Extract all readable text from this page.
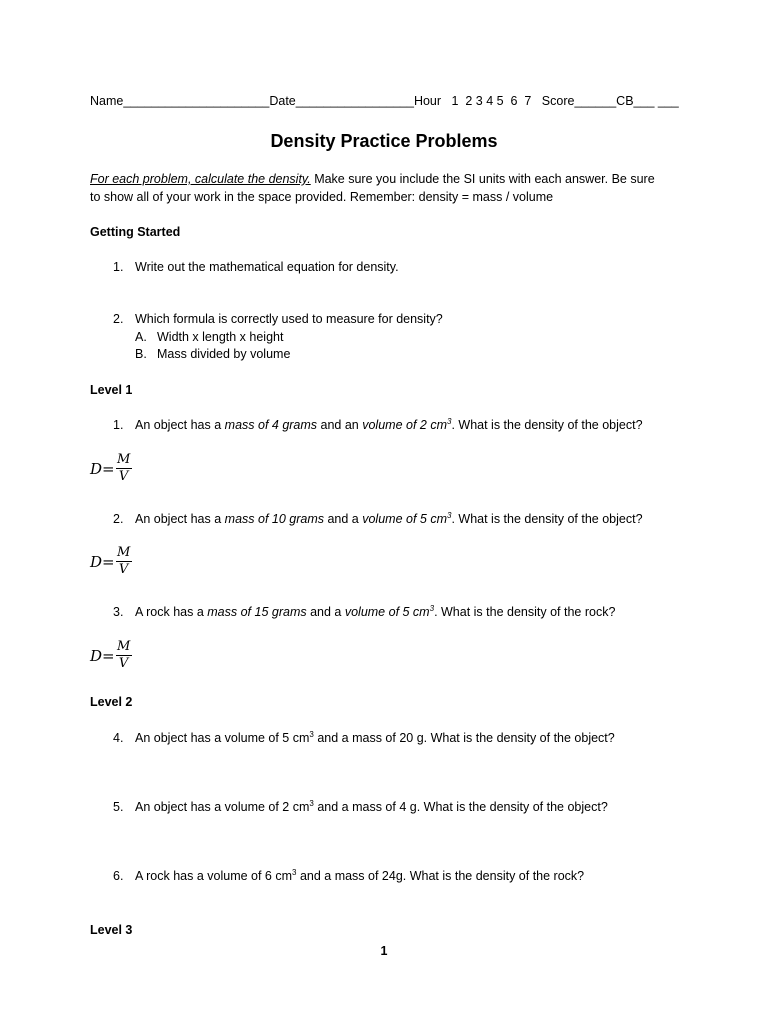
Name_____________________Date_________________Hour 1  2 3 4 5  6  7 Score______CB___ ___
Density Practice Problems
For each problem, calculate the density. Make sure you include the SI units with each answer. Be sure
to show all of your work in the space provided. Remember: density = mass / volume
Getting Started
1. Write out the mathematical equation for density.
2. Which formula is correctly used to measure for density?
A. Width x length x height
B. Mass divided by volume
Level 1
1. An object has a mass of 4 grams and an volume of 2 $cm^3$. What is the density of the object?
$D = \frac{M}{V}$
2. An object has a mass of 10 grams and a volume of 5 $cm^3$. What is the density of the object?
$D = \frac{M}{V}$
3. A rock has a mass of 15 grams and a volume of 5 $cm^3$. What is the density of the rock?
$D = \frac{M}{V}$
Level 2
4. An object has a volume of 5 $cm^3$ and a mass of 20 g. What is the density of the object?
5. An object has a volume of 2 $cm^3$ and a mass of 4 g. What is the density of the object?
6. A rock has a volume of 6 $cm^3$ and a mass of 24g. What is the density of the rock?
Level 3
1
